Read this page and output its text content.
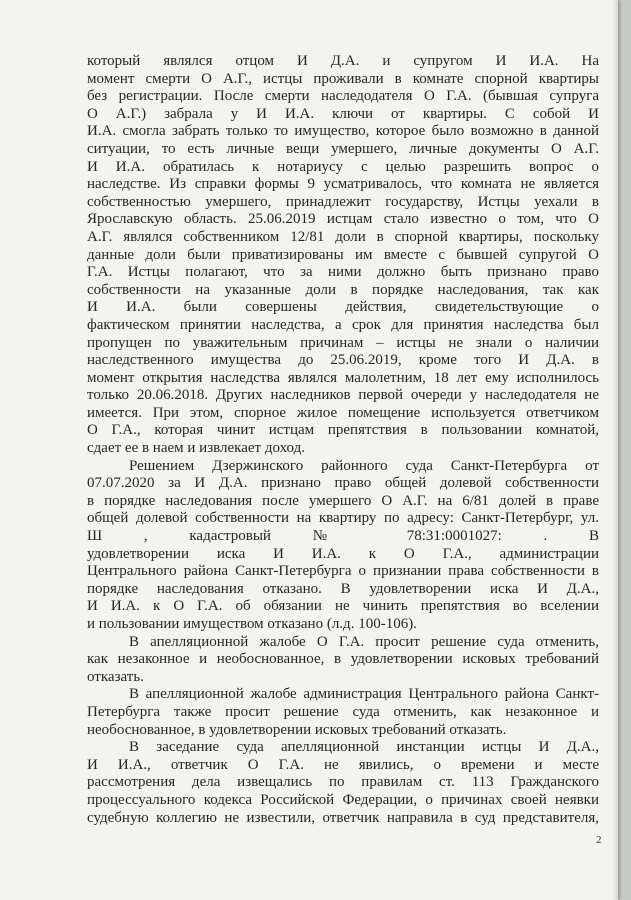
который являлся отцом И Д.А. и супругом И И.А. На
момент смерти О А.Г., истцы проживали в комнате спорной квартиры
без регистрации. После смерти наследодателя О Г.А. (бывшая супруга
О А.Г.) забрала у И И.А. ключи от квартиры. С собой И
И.А. смогла забрать только то имущество, которое было возможно в данной
ситуации, то есть личные вещи умершего, личные документы О А.Г.
И И.А. обратилась к нотариусу с целью разрешить вопрос о
наследстве. Из справки формы 9 усматривалось, что комната не является
собственностью умершего, принадлежит государству, Истцы уехали в
Ярославскую область. 25.06.2019 истцам стало известно о том, что О
А.Г. являлся собственником 12/81 доли в спорной квартиры, поскольку
данные доли были приватизированы им вместе с бывшей супругой О
Г.А. Истцы полагают, что за ними должно быть признано право
собственности на указанные доли в порядке наследования, так как
И И.А. были совершены действия, свидетельствующие о
фактическом принятии наследства, а срок для принятия наследства был
пропущен по уважительным причинам – истцы не знали о наличии
наследственного имущества до 25.06.2019, кроме того И Д.А. в
момент открытия наследства являлся малолетним, 18 лет ему исполнилось
только 20.06.2018. Других наследников первой очереди у наследодателя не
имеется. При этом, спорное жилое помещение используется ответчиком
О Г.А., которая чинит истцам препятствия в пользовании комнатой,
сдает ее в наем и извлекает доход.
Решением Дзержинского районного суда Санкт-Петербурга от
07.07.2020 за И Д.А. признано право общей долевой собственности
в порядке наследования после умершего О А.Г. на 6/81 долей в праве
общей долевой собственности на квартиру по адресу: Санкт-Петербург, ул.
Ш , кадастровый № 78:31:0001027: . В
удовлетворении иска И И.А. к О Г.А., администрации
Центрального района Санкт-Петербурга о признании права собственности в
порядке наследования отказано. В удовлетворении иска И Д.А.,
И И.А. к О Г.А. об обязании не чинить препятствия во вселении
и пользовании имуществом отказано (л.д. 100-106).
В апелляционной жалобе О Г.А. просит решение суда отменить,
как незаконное и необоснованное, в удовлетворении исковых требований
отказать.
В апелляционной жалобе администрация Центрального района Санкт-
Петербурга также просит решение суда отменить, как незаконное и
необоснованное, в удовлетворении исковых требований отказать.
В заседание суда апелляционной инстанции истцы И Д.А.,
И И.А., ответчик О Г.А. не явились, о времени и месте
рассмотрения дела извещались по правилам ст. 113 Гражданского
процессуального кодекса Российской Федерации, о причинах своей неявки
судебную коллегию не известили, ответчик направила в суд представителя,
2
